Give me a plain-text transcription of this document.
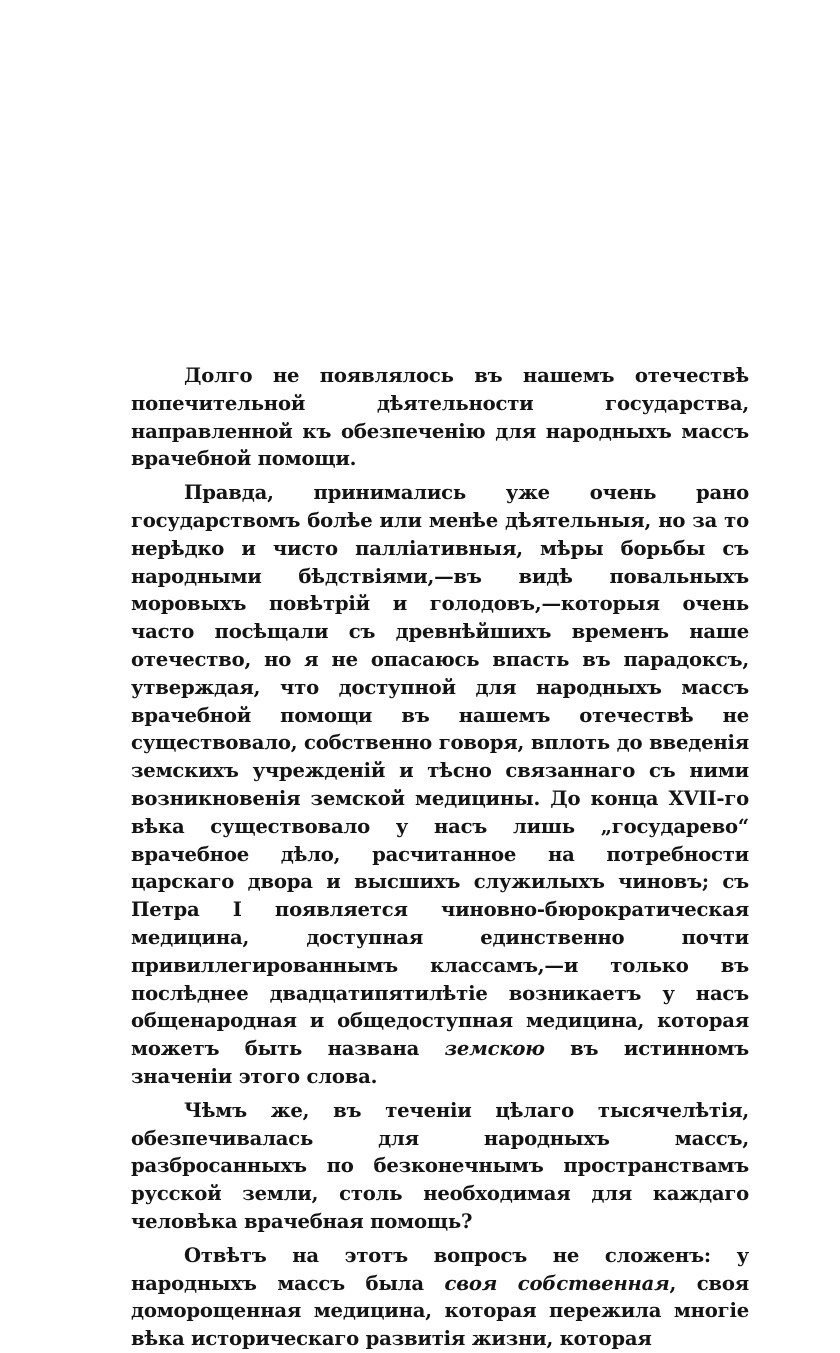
Долго не появлялось въ нашемъ отечествѣ попечительной дѣятельности государства, направленной къ обезпеченію для народныхъ массъ врачебной помощи.

Правда, принимались уже очень рано государствомъ болѣе или менѣе дѣятельныя, но за то нерѣдко и чисто палліативныя, мѣры борьбы съ народными бѣдствіями,—въ видѣ повальныхъ моровыхъ повѣтрій и голодовъ,—которыя очень часто посѣщали съ древнѣйшихъ временъ наше отечество, но я не опасаюсь впасть въ парадоксъ, утверждая, что доступной для народныхъ массъ врачебной помощи въ нашемъ отечествѣ не существовало, собственно говоря, вплоть до введенія земскихъ учрежденій и тѣсно связаннаго съ ними возникновенія земской медицины. До конца XVII-го вѣка существовало у насъ лишь „государево“ врачебное дѣло, расчитанное на потребности царскаго двора и высшихъ служилыхъ чиновъ; съ Петра I появляется чиновно-бюрократическая медицина, доступная единственно почти привиллегированнымъ классамъ,—и только въ послѣднее двадцатипятилѣтіе возникаетъ у насъ общенародная и общедоступная медицина, которая можетъ быть названа земскою въ истинномъ значеніи этого слова.

Чѣмъ же, въ теченіи цѣлаго тысячелѣтія, обезпечивалась для народныхъ массъ, разбросанныхъ по безконечнымъ пространствамъ русской земли, столь необходимая для каждаго человѣка врачебная помощь?

Отвѣтъ на этотъ вопросъ не сложенъ: у народныхъ массъ была своя собственная, своя доморощенная медицина, которая пережила многіе вѣка историческаго развитія жизни, которая
